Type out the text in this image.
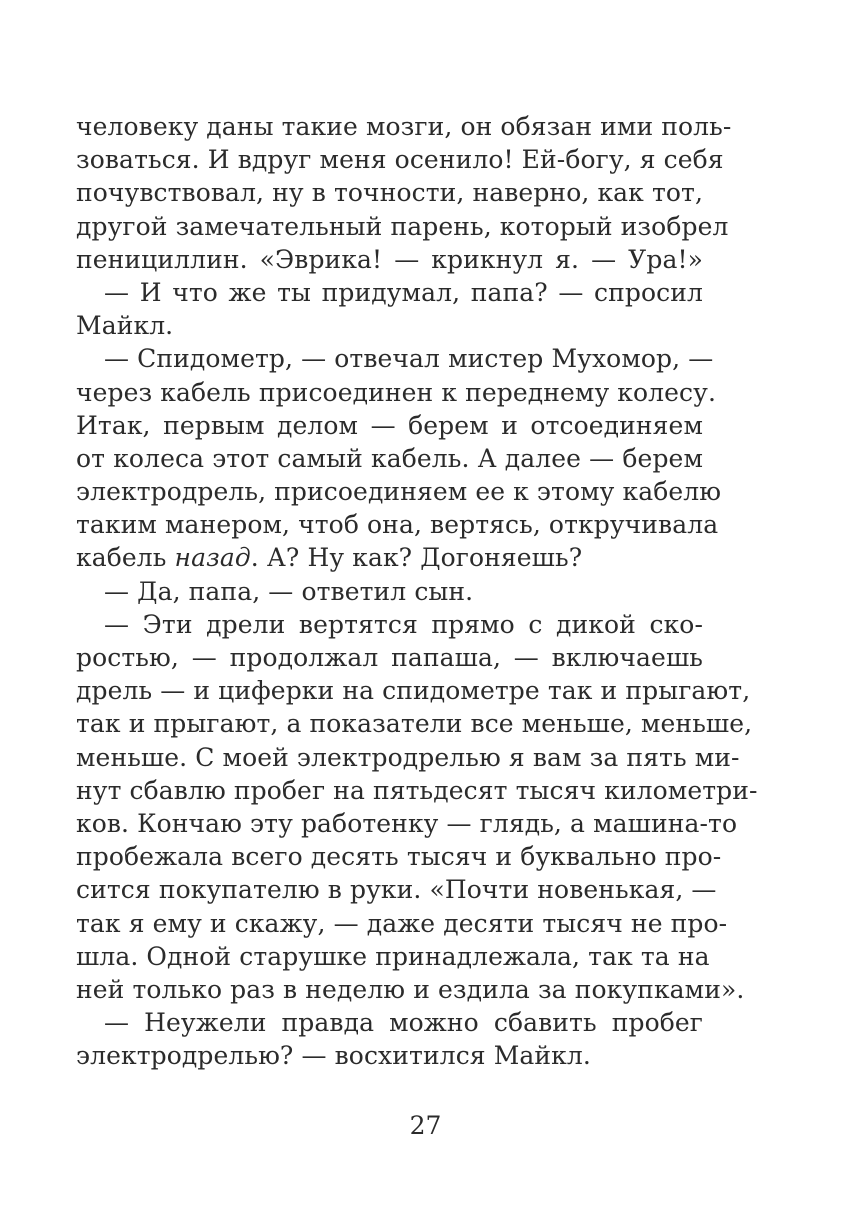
человеку даны такие мозги, он обязан ими поль-
зоваться. И вдруг меня осенило! Ей-богу, я себя
почувствовал, ну в точности, наверно, как тот,
другой замечательный парень, который изобрел
пенициллин. «Эврика! — крикнул я. — Ура!»
— И что же ты придумал, папа? — спросил
Майкл.
— Спидометр, — отвечал мистер Мухомор, —
через кабель присоединен к переднему колесу.
Итак, первым делом — берем и отсоединяем
от колеса этот самый кабель. А далее — берем
электродрель, присоединяем ее к этому кабелю
таким манером, чтоб она, вертясь, откручивала
кабель назад. А? Ну как? Догоняешь?
— Да, папа, — ответил сын.
— Эти дрели вертятся прямо с дикой ско-
ростью, — продолжал папаша, — включаешь
дрель — и циферки на спидометре так и прыгают,
так и прыгают, а показатели все меньше, меньше,
меньше. С моей электродрелью я вам за пять ми-
нут сбавлю пробег на пятьдесят тысяч километри-
ков. Кончаю эту работенку — глядь, а машина-то
пробежала всего десять тысяч и буквально про-
сится покупателю в руки. «Почти новенькая, —
так я ему и скажу, — даже десяти тысяч не про-
шла. Одной старушке принадлежала, так та на
ней только раз в неделю и ездила за покупками».
— Неужели правда можно сбавить пробег
электродрелью? — восхитился Майкл.
27
